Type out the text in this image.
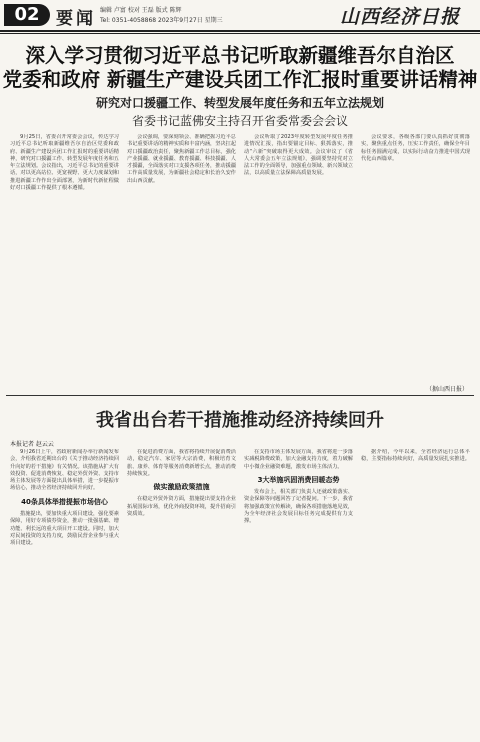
02 要闻 编辑 卢富 校对 王磊 版式 陈辉
Tel: 0351-4058868 2023年9月27日 星期三	山西经济日报
深入学习贯彻习近平总书记听取新疆维吾尔自治区
党委和政府 新疆生产建设兵团工作汇报时重要讲话精神
研究对口援疆工作、转型发展年度任务和五年立法规划
省委书记蓝佛安主持召开省委常委会会议
9月25日，省委召开常委会会议，传达学习习近平总书记听取新疆维吾尔自治区党委和政府、新疆生产建设兵团工作汇报时的重要讲话精神，研究对口援疆工作、转型发展年度任务和五年立法规划。会议指出，习近平总书记的重要讲话，对以更高站位、更宽视野、更大力度谋划和推进新疆工作作出全面部署，为新时代新征程做好对口援疆工作提供了根本遵循。
会议强调，要深刻领会、准确把握习近平总书记重要讲话的精神实质和丰富内涵，坚决扛起对口援疆政治责任，聚焦新疆工作总目标，强化产业援疆、就业援疆、教育援疆、科技援疆、人才援疆，全面落实对口支援各项任务，推动援疆工作高质量发展，为新疆社会稳定和长治久安作出山西贡献。
会议听取了2023年度转型发展年度任务推进情况汇报，指出要锚定目标、狠抓落实，推动“六新”突破取得更大成效。会议审议了《省人大常委会五年立法规划》，强调要坚持党对立法工作的全面领导，加强重点领域、新兴领域立法，以高质量立法保障高质量发展。
会议要求，各级各部门要认真抓好贯彻落实，聚焦重点任务，压实工作责任，确保全年目标任务圆满完成，以实际行动奋力推进中国式现代化山西篇章。
（据山西日报）
我省出台若干措施推动经济持续回升
本报记者 赵云云

9月26日上午，省政府新闻办举行新闻发布会，介绍我省近期出台的《关于推动经济持续回升向好的若干措施》有关情况。该措施从扩大有效投资、促进消费恢复、稳定外贸外资、支持市场主体发展等方面提出具体举措，进一步提振市场信心，推动全省经济持续回升向好。

40条具体举措提振市场信心

措施提出，要加快重大项目建设，强化要素保障，用好专项债券资金，推动一批强基础、增功能、利长远的重大项目开工建设。同时，加大对民间投资的支持力度，鼓励民营企业参与重大项目建设。

在促进消费方面，我省将持续开展促消费活动，稳定汽车、家居等大宗消费，积极培育文旅、康养、体育等服务消费新增长点，推动消费持续恢复。

做实激励政策措施

在稳定外贸外资方面，措施提出要支持企业拓展国际市场，优化外商投资环境，提升招商引资质效。

在支持市场主体发展方面，我省将进一步落实减税降费政策，加大金融支持力度，着力破解中小微企业融资难题，激发市场主体活力。

3大举施巩固消费回暖态势

发布会上，相关部门负责人还就政策落实、资金保障等问题回答了记者提问。下一步，我省将加强政策宣传解读，确保各项措施落地见效，为全年经济社会发展目标任务完成提供有力支撑。

据介绍，今年以来，全省经济运行总体平稳，主要指标持续向好，高质量发展扎实推进。
